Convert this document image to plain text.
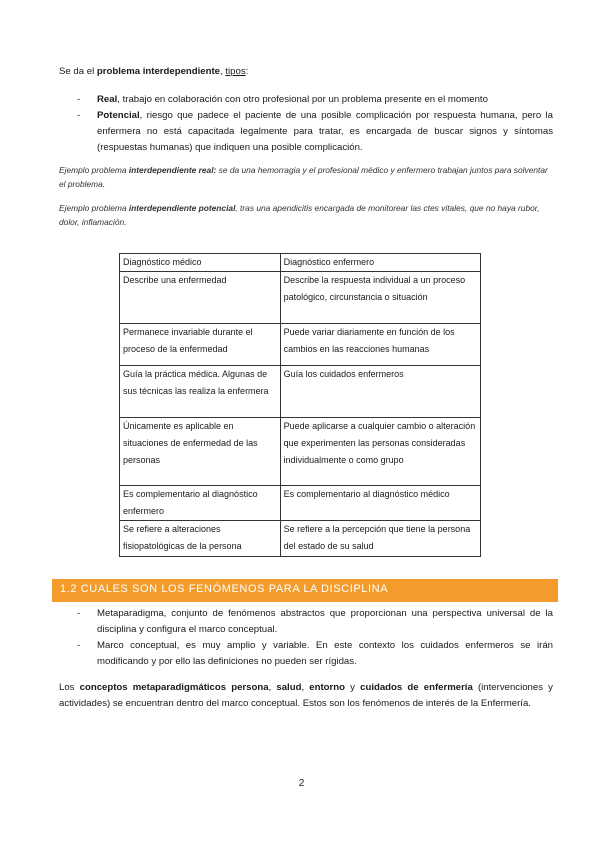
Se da el problema interdependiente, tipos:
- Real, trabajo en colaboración con otro profesional por un problema presente en el momento
- Potencial, riesgo que padece el paciente de una posible complicación por respuesta humana, pero la enfermera no está capacitada legalmente para tratar, es encargada de buscar signos y síntomas (respuestas humanas) que indiquen una posible complicación.
Ejemplo problema interdependiente real: se da una hemorragia y el profesional médico y enfermero trabajan juntos para solventar el problema.
Ejemplo problema interdependiente potencial, tras una apendicitis encargada de monitorear las ctes vitales, que no haya rubor, dolor, inflamación.
Diagnóstico médico	Diagnóstico enfermero
Describe una enfermedad	Describe la respuesta individual a un proceso patológico, circunstancia o situación
Permanece invariable durante el proceso de la enfermedad	Puede variar diariamente en función de los cambios en las reacciones humanas
Guía la práctica médica. Algunas de sus técnicas las realiza la enfermera	Guía los cuidados enfermeros
Únicamente es aplicable en situaciones de enfermedad de las personas	Puede aplicarse a cualquier cambio o alteración que experimenten las personas consideradas individualmente o como grupo
Es complementario al diagnóstico enfermero	Es complementario al diagnóstico médico
Se refiere a alteraciones fisiopatológicas de la persona	Se refiere a la percepción que tiene la persona del estado de su salud
1.2 CUALES SON LOS FENÓMENOS PARA LA DISCIPLINA
- Metaparadigma, conjunto de fenómenos abstractos que proporcionan una perspectiva universal de la disciplina y configura el marco conceptual.
- Marco conceptual, es muy amplio y variable. En este contexto los cuidados enfermeros se irán modificando y por ello las definiciones no pueden ser rígidas.
Los conceptos metaparadigmáticos persona, salud, entorno y cuidados de enfermería (intervenciones y actividades) se encuentran dentro del marco conceptual. Estos son los fenómenos de interés de la Enfermería.
2
